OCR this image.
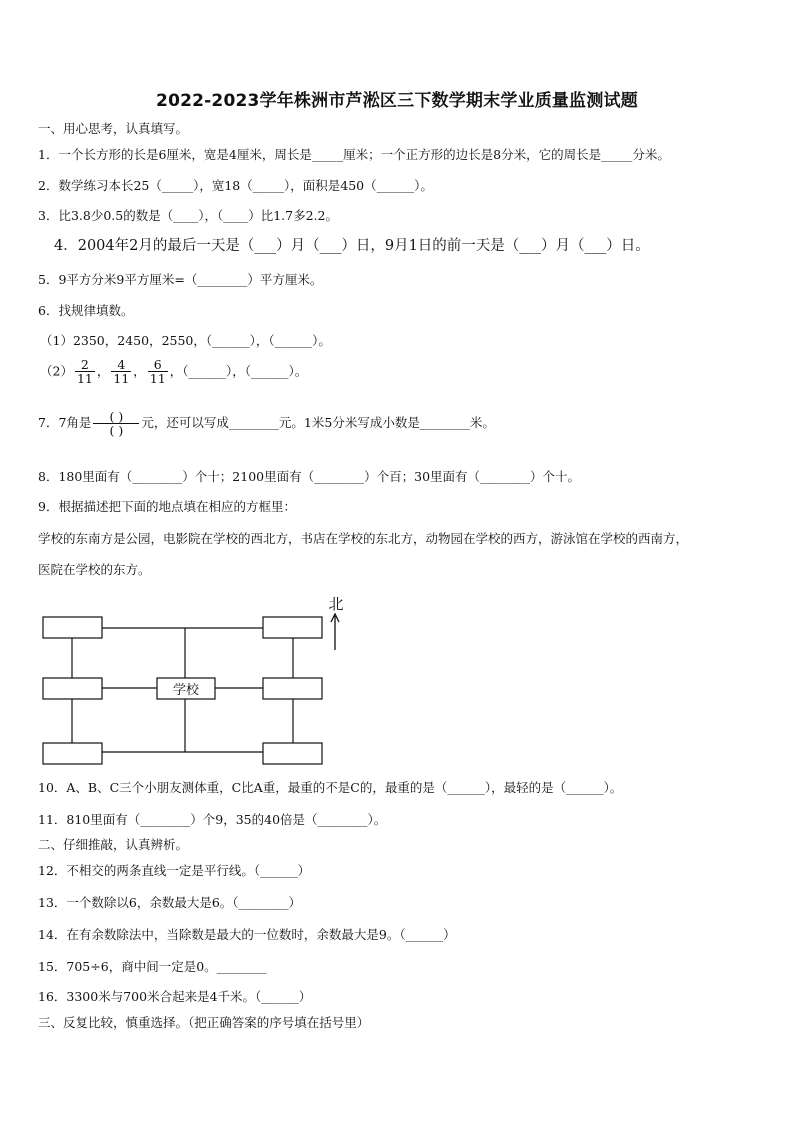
2022-2023学年株洲市芦淞区三下数学期末学业质量监测试题
一、用心思考，认真填写。
1．一个长方形的长是6厘米，宽是4厘米，周长是_____厘米；一个正方形的边长是8分米，它的周长是_____分米。
2．数学练习本长25（_____），宽18（_____），面积是450（______）。
3．比3.8少0.5的数是（____），（____）比1.7多2.2。
4．2004年2月的最后一天是（___）月（___）日，9月1日的前一天是（___）月（___）日。
5．9平方分米9平方厘米=（________）平方厘米。
6．找规律填数。
（1）2350，2450，2550，（______），（______）。
$(2) \frac{2}{11}$ ， $\frac{4}{11}$ ， $\frac{6}{11}$ ，（______），（______）。
7．7角是	( )
( )
元，还可以写成________元。1米5分米写成小数是________米。
8．180里面有（________）个十；2100里面有（________）个百；30里面有（________）个十。
9．根据描述把下面的地点填在相应的方框里：
学校的东南方是公园，电影院在学校的西北方，书店在学校的东北方，动物园在学校的西方，游泳馆在学校的西南方，
医院在学校的东方。
学校
北
10．A、B、C三个小朋友测体重，C比A重，最重的不是C的，最重的是（______），最轻的是（______）。
11．810里面有（________）个9，35的40倍是（________）。
二、仔细推敲，认真辨析。
12．不相交的两条直线一定是平行线。（______）
13．一个数除以6，余数最大是6。（________）
14．在有余数除法中，当除数是最大的一位数时，余数最大是9。（______）
15．705÷6，商中间一定是0。________
16．3300米与700米合起来是4千米。（______）
三、反复比较，慎重选择。（把正确答案的序号填在括号里）
